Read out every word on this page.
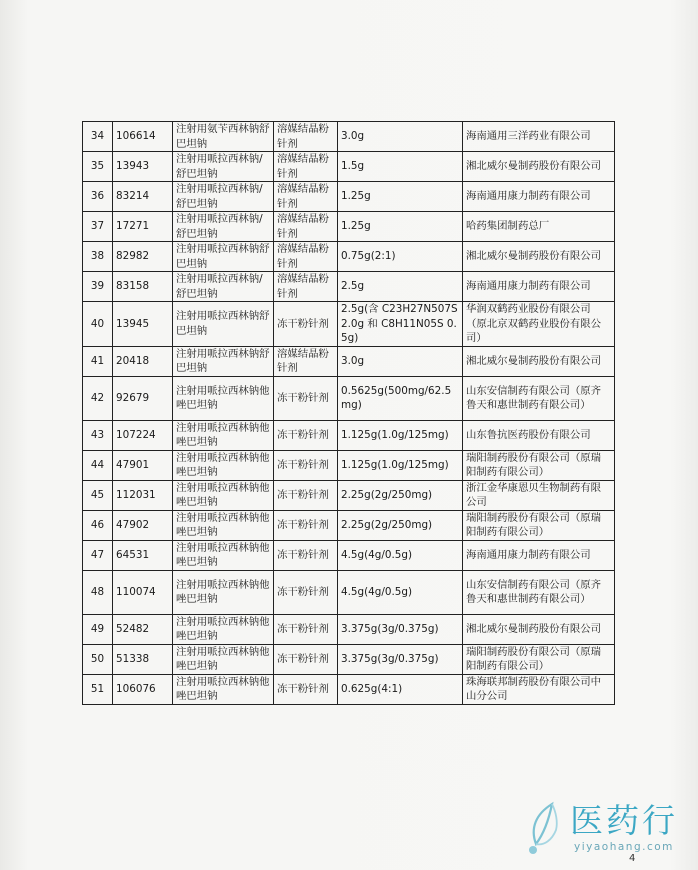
34	106614	注射用氨苄西林钠舒巴坦钠	溶媒结晶粉针剂	3.0g	海南通用三洋药业有限公司
35	13943	注射用哌拉西林钠/舒巴坦钠	溶媒结晶粉针剂	1.5g	湘北威尔曼制药股份有限公司
36	83214	注射用哌拉西林钠/舒巴坦钠	溶媒结晶粉针剂	1.25g	海南通用康力制药有限公司
37	17271	注射用哌拉西林钠/舒巴坦钠	溶媒结晶粉针剂	1.25g	哈药集团制药总厂
38	82982	注射用哌拉西林钠舒巴坦钠	溶媒结晶粉针剂	0.75g(2:1)	湘北威尔曼制药股份有限公司
39	83158	注射用哌拉西林钠/舒巴坦钠	溶媒结晶粉针剂	2.5g	海南通用康力制药有限公司
40	13945	注射用哌拉西林钠舒巴坦钠	冻干粉针剂	2.5g(含 C23H27N507S 2.0g 和 C8H11N05S 0.5g)	华润双鹤药业股份有限公司（原北京双鹤药业股份有限公司）
41	20418	注射用哌拉西林钠舒巴坦钠	溶媒结晶粉针剂	3.0g	湘北威尔曼制药股份有限公司
42	92679	注射用哌拉西林钠他唑巴坦钠	冻干粉针剂	0.5625g(500mg/62.5mg)	山东安信制药有限公司（原齐鲁天和惠世制药有限公司）
43	107224	注射用哌拉西林钠他唑巴坦钠	冻干粉针剂	1.125g(1.0g/125mg)	山东鲁抗医药股份有限公司
44	47901	注射用哌拉西林钠他唑巴坦钠	冻干粉针剂	1.125g(1.0g/125mg)	瑞阳制药股份有限公司（原瑞阳制药有限公司）
45	112031	注射用哌拉西林钠他唑巴坦钠	冻干粉针剂	2.25g(2g/250mg)	浙江金华康恩贝生物制药有限公司
46	47902	注射用哌拉西林钠他唑巴坦钠	冻干粉针剂	2.25g(2g/250mg)	瑞阳制药股份有限公司（原瑞阳制药有限公司）
47	64531	注射用哌拉西林钠他唑巴坦钠	冻干粉针剂	4.5g(4g/0.5g)	海南通用康力制药有限公司
48	110074	注射用哌拉西林钠他唑巴坦钠	冻干粉针剂	4.5g(4g/0.5g)	山东安信制药有限公司（原齐鲁天和惠世制药有限公司）
49	52482	注射用哌拉西林钠他唑巴坦钠	冻干粉针剂	3.375g(3g/0.375g)	湘北威尔曼制药股份有限公司
50	51338	注射用哌拉西林钠他唑巴坦钠	冻干粉针剂	3.375g(3g/0.375g)	瑞阳制药股份有限公司（原瑞阳制药有限公司）
51	106076	注射用哌拉西林钠他唑巴坦钠	冻干粉针剂	0.625g(4:1)	珠海联邦制药股份有限公司中山分公司
医药行
yiyaohang.com
4
